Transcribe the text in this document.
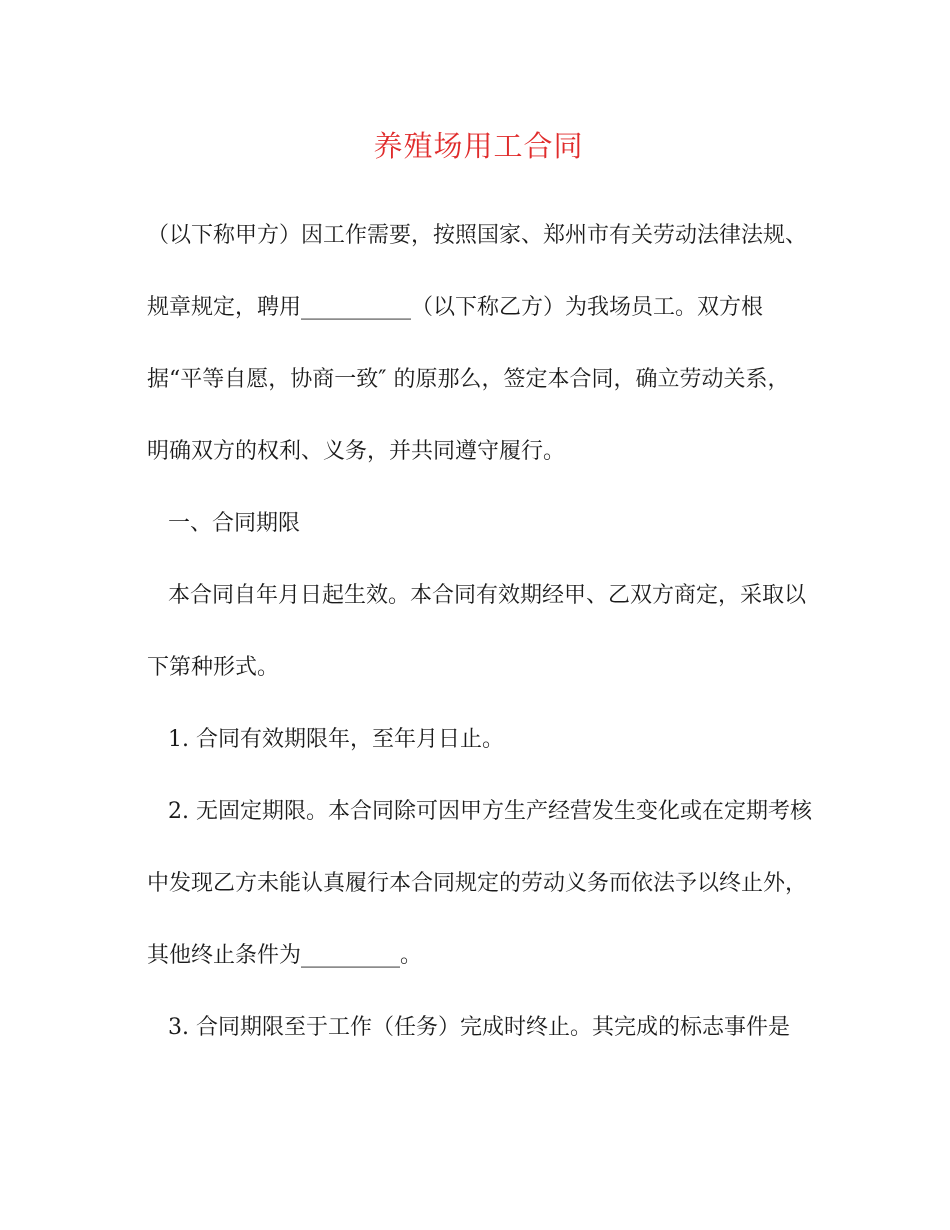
养殖场用工合同

（以下称甲方）因工作需要，按照国家、郑州市有关劳动法律法规、

规章规定，聘用__________（以下称乙方）为我场员工。双方根

据“平等自愿，协商一致″ 的原那么，签定本合同，确立劳动关系，

明确双方的权利、义务，并共同遵守履行。

一、合同期限

本合同自年月日起生效。本合同有效期经甲、乙双方商定，采取以

下第种形式。

1. 合同有效期限年，至年月日止。

2. 无固定期限。本合同除可因甲方生产经营发生变化或在定期考核

中发现乙方未能认真履行本合同规定的劳动义务而依法予以终止外，

其他终止条件为_________。

3. 合同期限至于工作（任务）完成时终止。其完成的标志事件是
